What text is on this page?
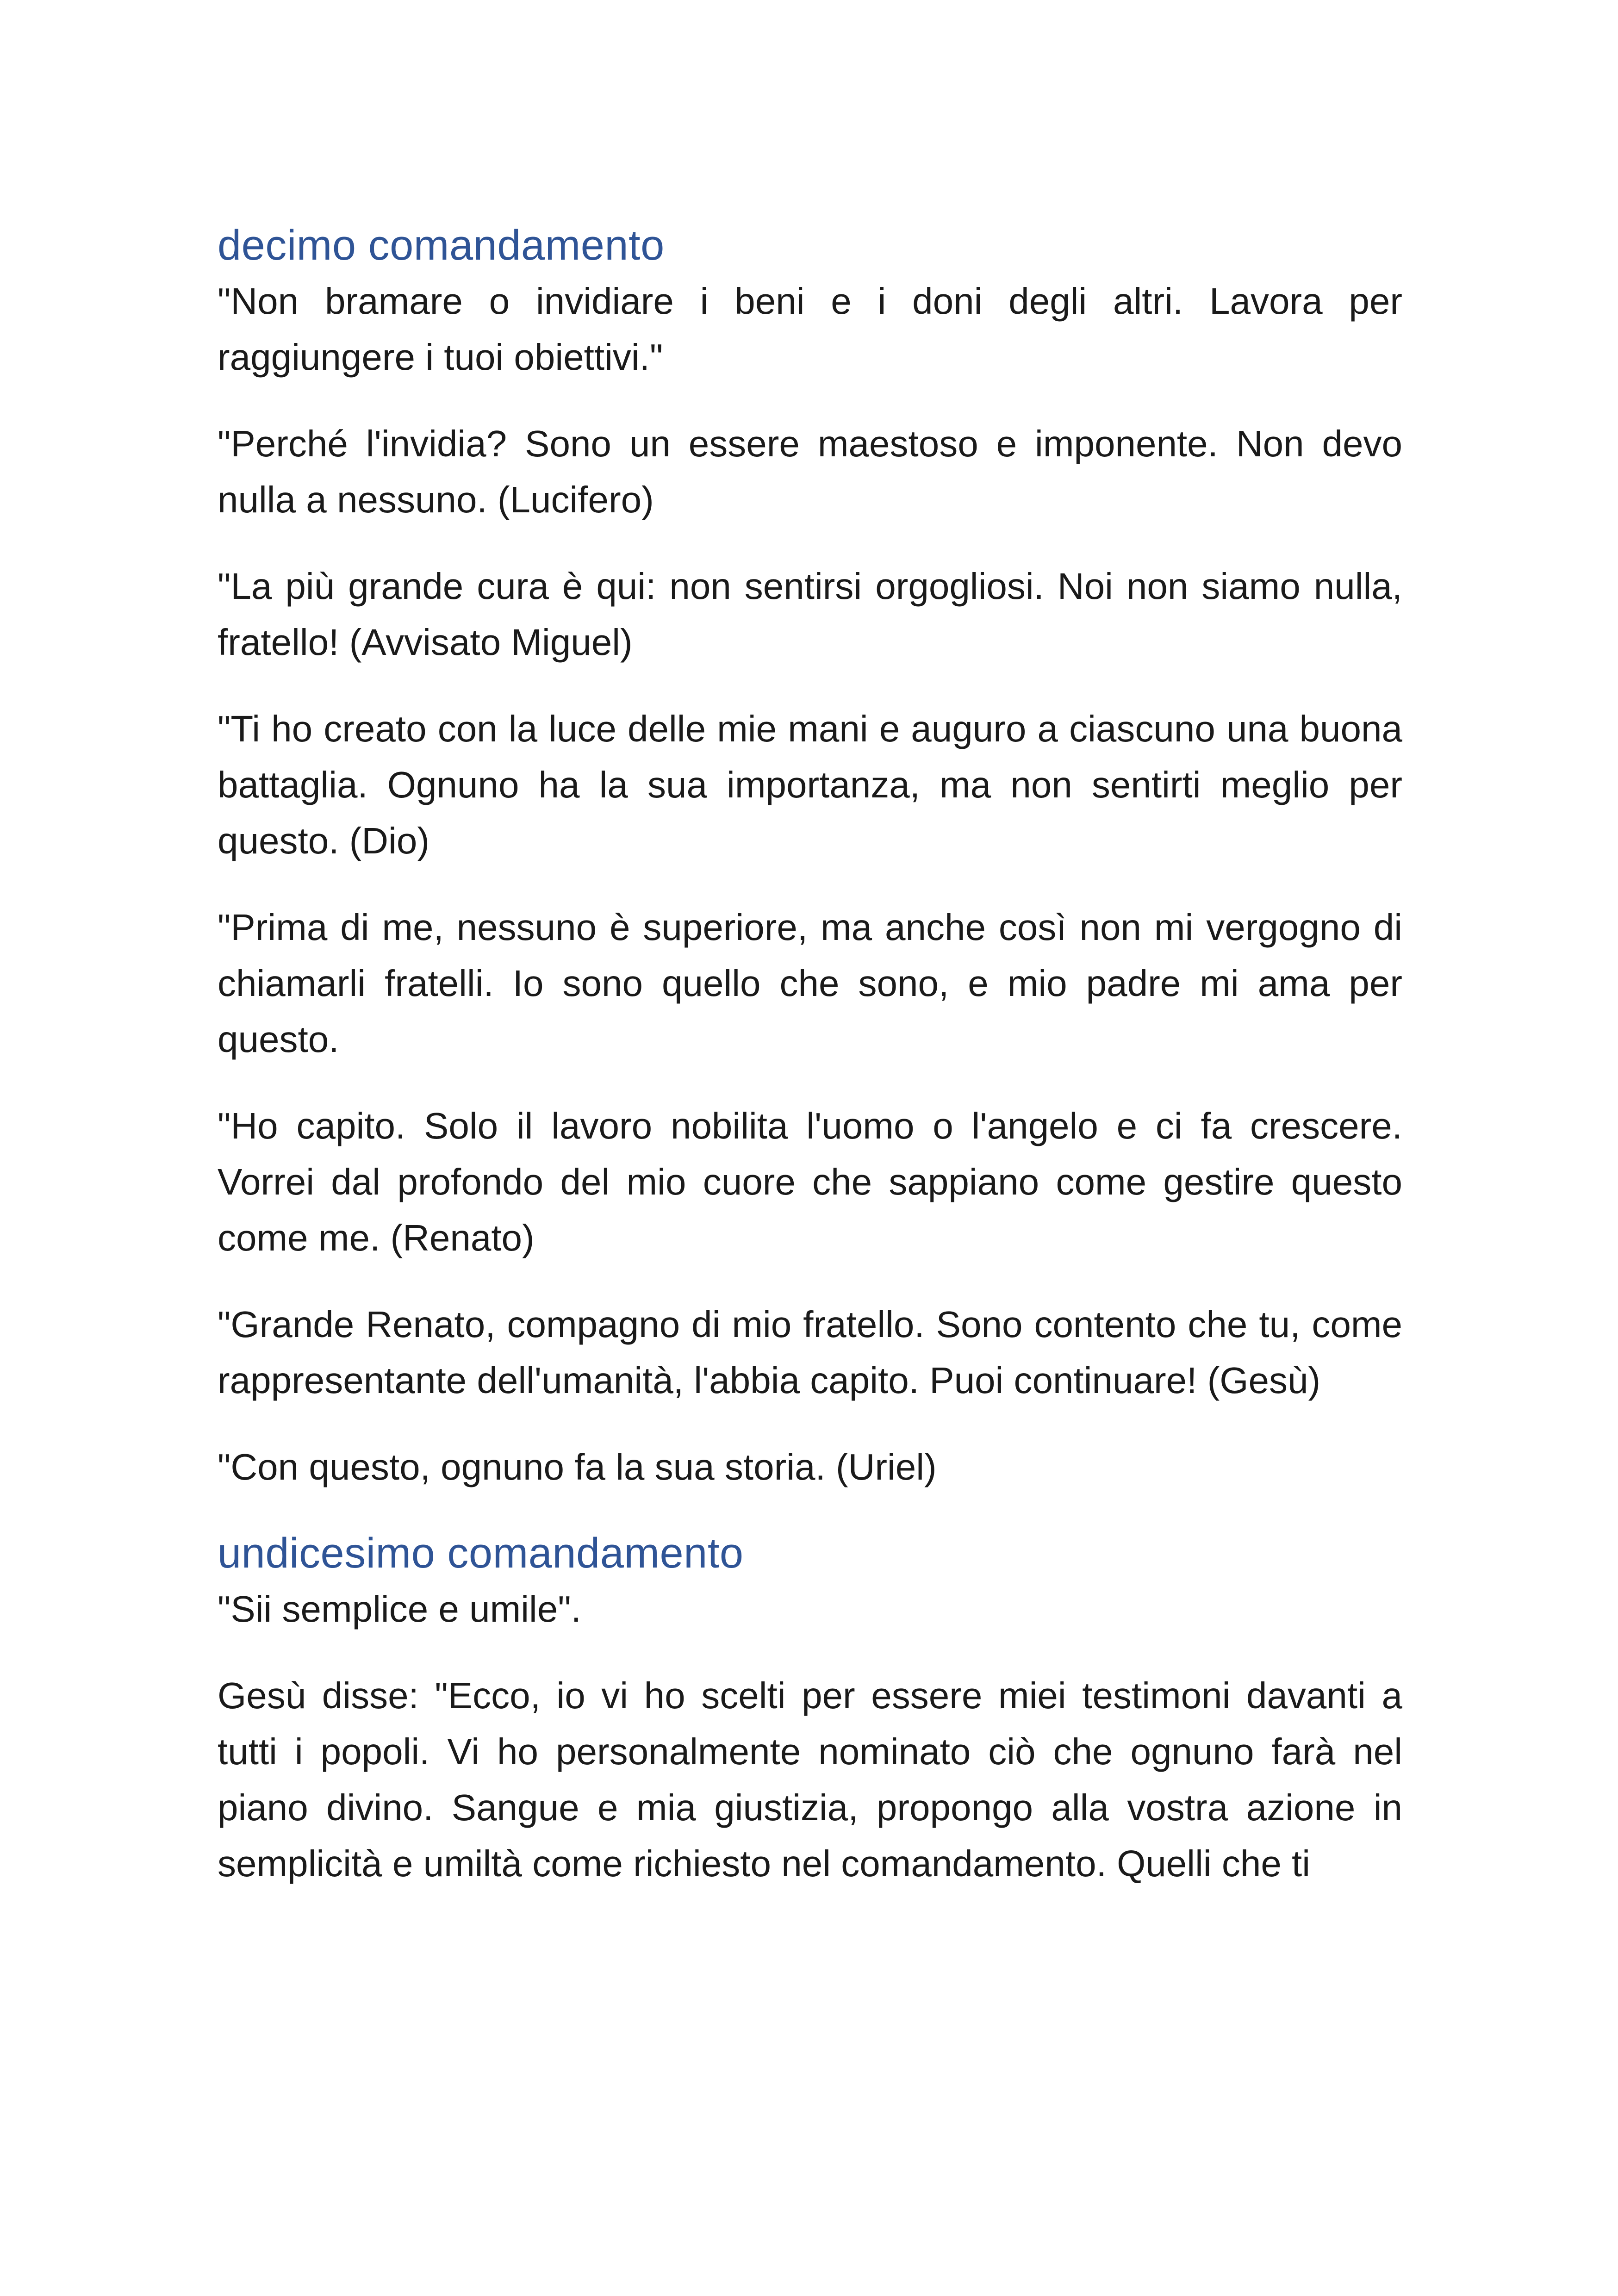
decimo comandamento

"Non bramare o invidiare i beni e i doni degli altri. Lavora per raggiungere i tuoi obiettivi."

"Perché l'invidia? Sono un essere maestoso e imponente. Non devo nulla a nessuno. (Lucifero)

"La più grande cura è qui: non sentirsi orgogliosi. Noi non siamo nulla, fratello! (Avvisato Miguel)

"Ti ho creato con la luce delle mie mani e auguro a ciascuno una buona battaglia. Ognuno ha la sua importanza, ma non sentirti meglio per questo. (Dio)

"Prima di me, nessuno è superiore, ma anche così non mi vergogno di chiamarli fratelli. Io sono quello che sono, e mio padre mi ama per questo.

"Ho capito. Solo il lavoro nobilita l'uomo o l'angelo e ci fa crescere. Vorrei dal profondo del mio cuore che sappiano come gestire questo come me. (Renato)

"Grande Renato, compagno di mio fratello. Sono contento che tu, come rappresentante dell'umanità, l'abbia capito. Puoi continuare! (Gesù)

"Con questo, ognuno fa la sua storia. (Uriel)

undicesimo comandamento

"Sii semplice e umile".

Gesù disse: "Ecco, io vi ho scelti per essere miei testimoni davanti a tutti i popoli. Vi ho personalmente nominato ciò che ognuno farà nel piano divino. Sangue e mia giustizia, propongo alla vostra azione in semplicità e umiltà come richiesto nel comandamento. Quelli che ti
